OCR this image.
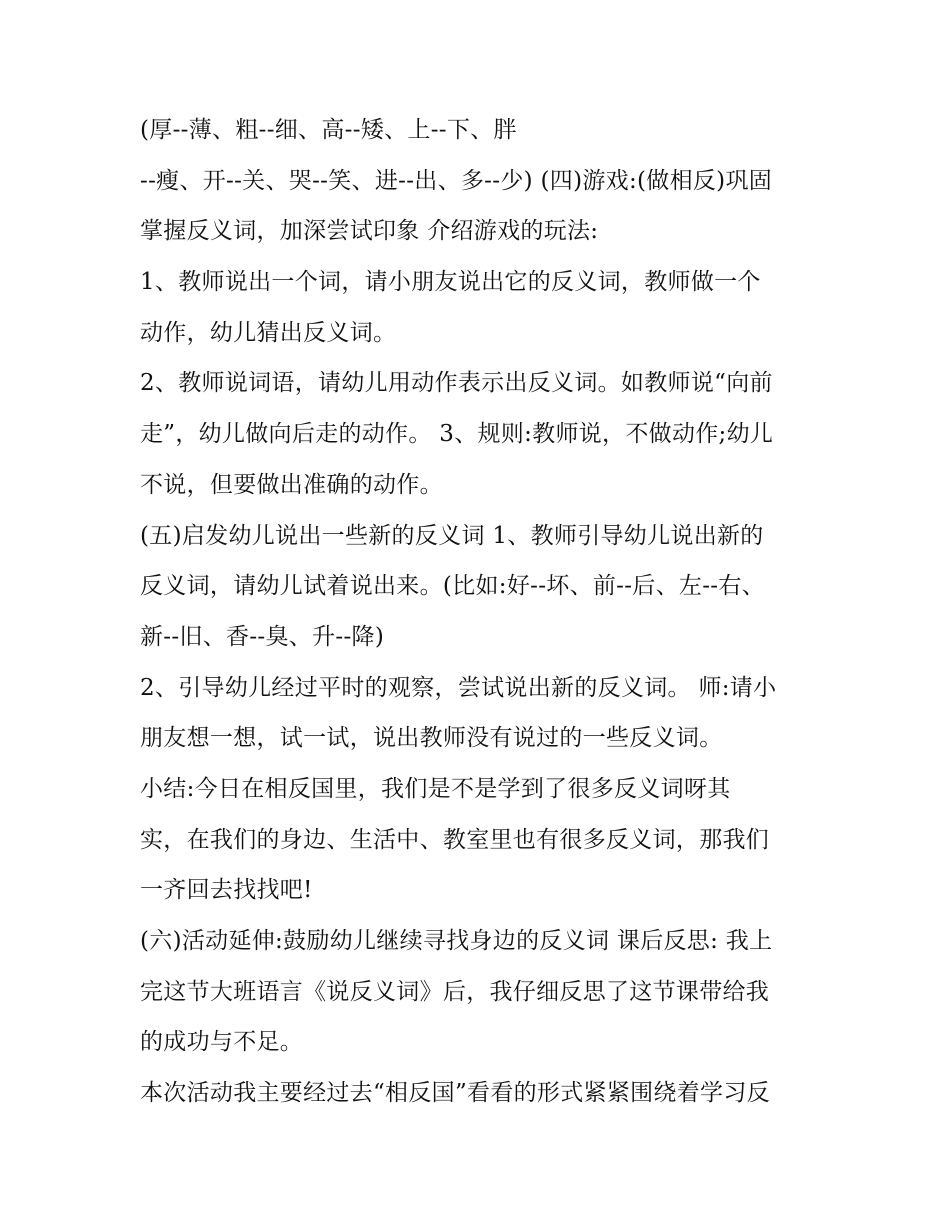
(厚--薄、粗--细、高--矮、上--下、胖
--瘦、开--关、哭--笑、进--出、多--少) (四)游戏:(做相反)巩固
掌握反义词，加深尝试印象 介绍游戏的玩法:
1、教师说出一个词，请小朋友说出它的反义词，教师做一个
动作，幼儿猜出反义词。
2、教师说词语，请幼儿用动作表示出反义词。如教师说“向前
走”，幼儿做向后走的动作。 3、规则:教师说，不做动作;幼儿
不说，但要做出准确的动作。
(五)启发幼儿说出一些新的反义词 1、教师引导幼儿说出新的
反义词，请幼儿试着说出来。(比如:好--坏、前--后、左--右、
新--旧、香--臭、升--降)
2、引导幼儿经过平时的观察，尝试说出新的反义词。 师:请小
朋友想一想，试一试，说出教师没有说过的一些反义词。
小结:今日在相反国里，我们是不是学到了很多反义词呀其
实，在我们的身边、生活中、教室里也有很多反义词，那我们
一齐回去找找吧!
(六)活动延伸:鼓励幼儿继续寻找身边的反义词 课后反思: 我上
完这节大班语言《说反义词》后，我仔细反思了这节课带给我
的成功与不足。
本次活动我主要经过去“相反国”看看的形式紧紧围绕着学习反
